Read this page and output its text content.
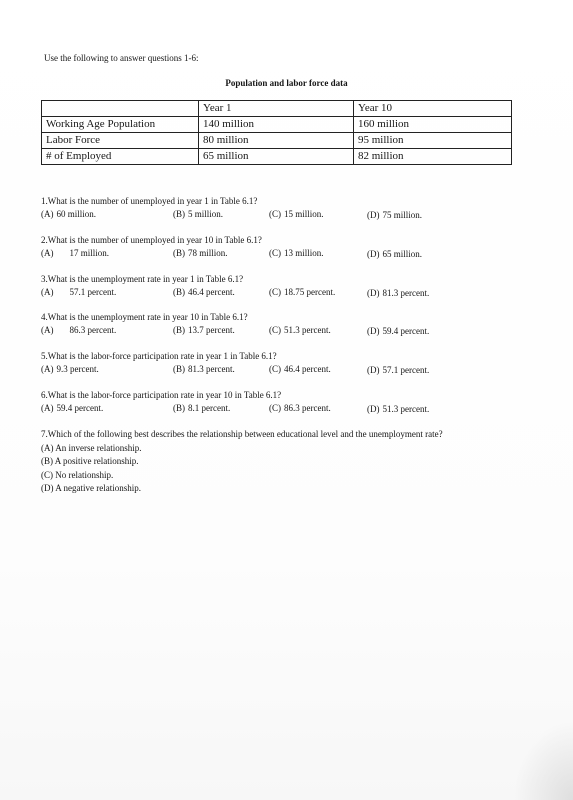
Use the following to answer questions 1-6:
Population and labor force data
	Year 1	Year 10
Working Age Population	140 million	160 million
Labor Force	80 million	95 million
# of Employed	65 million	82 million
1.What is the number of unemployed in year 1 in Table 6.1?
(A) 60 million.	(B) 5 million.	(C) 15 million.	(D) 75 million.
2.What is the number of unemployed in year 10 in Table 6.1?
(A) 17 million.	(B) 78 million.	(C) 13 million.	(D) 65 million.
3.What is the unemployment rate in year 1 in Table 6.1?
(A) 57.1 percent.	(B) 46.4 percent.	(C) 18.75 percent.	(D) 81.3 percent.
4.What is the unemployment rate in year 10 in Table 6.1?
(A) 86.3 percent.	(B) 13.7 percent.	(C) 51.3 percent.	(D) 59.4 percent.
5.What is the labor-force participation rate in year 1 in Table 6.1?
(A) 9.3 percent.	(B) 81.3 percent.	(C) 46.4 percent.	(D) 57.1 percent.
6.What is the labor-force participation rate in year 10 in Table 6.1?
(A) 59.4 percent.	(B) 8.1 percent.	(C) 86.3 percent.	(D) 51.3 percent.
7.Which of the following best describes the relationship between educational level and the unemployment rate?
(A) An inverse relationship.
(B) A positive relationship.
(C) No relationship.
(D) A negative relationship.
